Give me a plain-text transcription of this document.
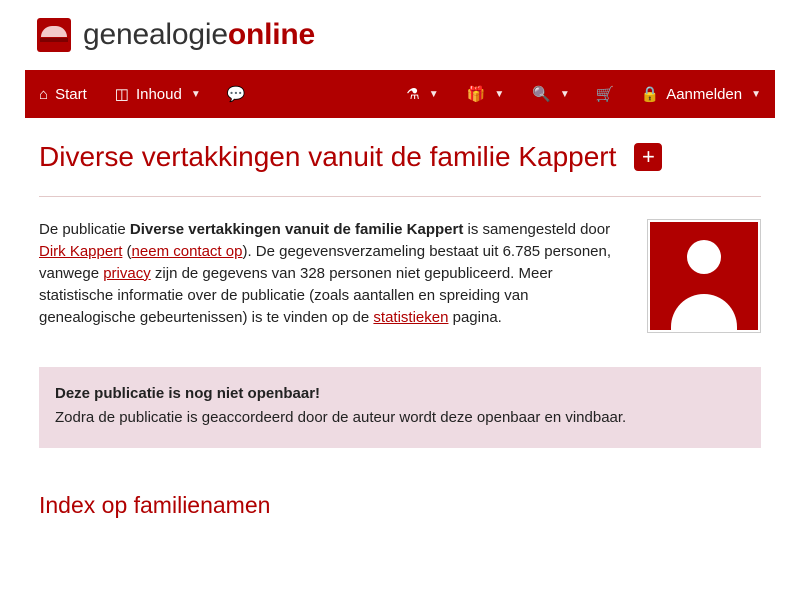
genealogieonline
⌂ Start ◫ Inhoud ▼ 💬	⚗ ▼ 🎁 ▼ 🔍 ▼ 🛒 🔒 Aanmelden ▼
Diverse vertakkingen vanuit de familie Kappert	+
De publicatie Diverse vertakkingen vanuit de familie Kappert is samengesteld door Dirk Kappert (neem contact op). De gegevensverzameling bestaat uit 6.785 personen, vanwege privacy zijn de gegevens van 328 personen niet gepubliceerd. Meer statistische informatie over de publicatie (zoals aantallen en spreiding van genealogische gebeurtenissen) is te vinden op de statistieken pagina.
Deze publicatie is nog niet openbaar!
Zodra de publicatie is geaccordeerd door de auteur wordt deze openbaar en vindbaar.
Index op familienamen
